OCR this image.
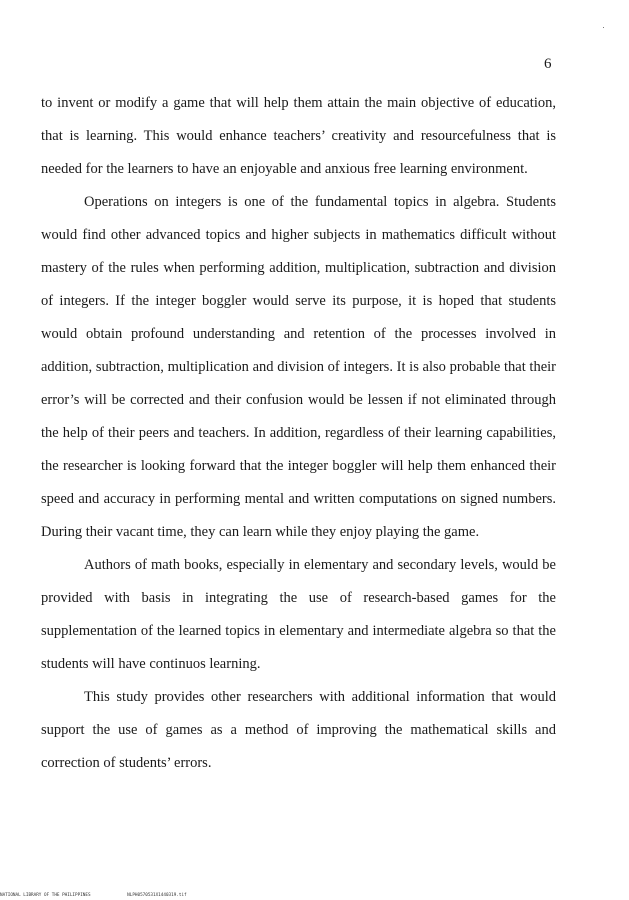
6

to invent or modify a game that will help them attain the main objective of education, that is learning. This would enhance teachers’ creativity and resourcefulness that is needed for the learners to have an enjoyable and anxious free learning environment.

Operations on integers is one of the fundamental topics in algebra. Students would find other advanced topics and higher subjects in mathematics difficult without mastery of the rules when performing addition, multiplication, subtraction and division of integers. If the integer boggler would serve its purpose, it is hoped that students would obtain profound understanding and retention of the processes involved in addition, subtraction, multiplication and division of integers. It is also probable that their error’s will be corrected and their confusion would be lessen if not eliminated through the help of their peers and teachers. In addition, regardless of their learning capabilities, the researcher is looking forward that the integer boggler will help them enhanced their speed and accuracy in performing mental and written computations on signed numbers. During their vacant time, they can learn while they enjoy playing the game.

Authors of math books, especially in elementary and secondary levels, would be provided with basis in integrating the use of research-based games for the supplementation of the learned topics in elementary and intermediate algebra so that the students will have continuos learning.

This study provides other researchers with additional information that would support the use of games as a method of improving the mathematical skills and correction of students’ errors.

NATIONAL LIBRARY OF THE PHILIPPINES	NLPH0570531X1440319.tif
